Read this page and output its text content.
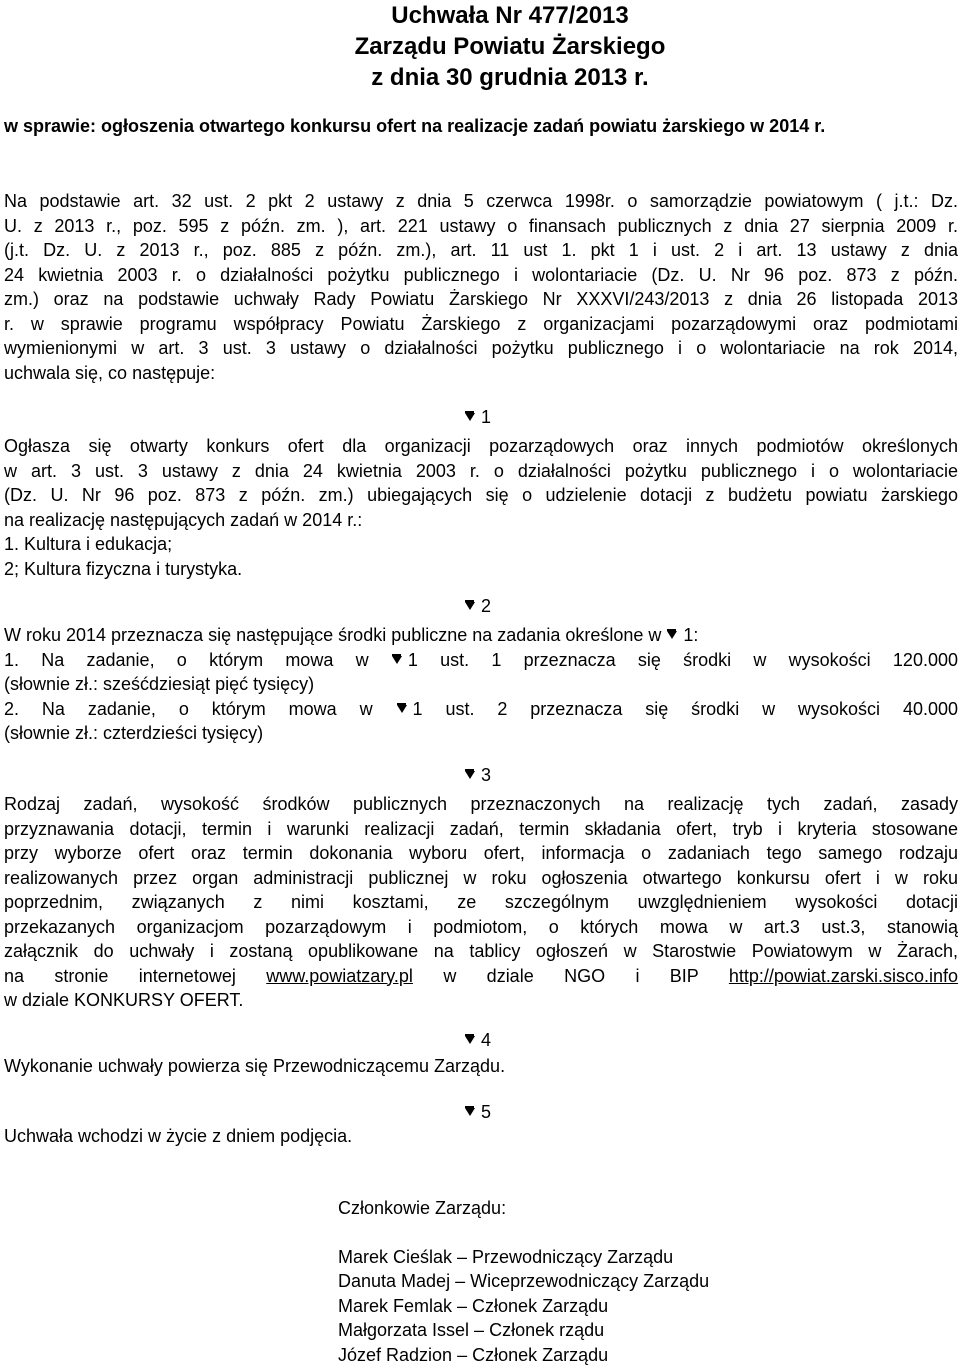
Uchwała Nr 477/2013
Zarządu Powiatu Żarskiego
z dnia 30 grudnia 2013 r.
w sprawie: ogłoszenia otwartego konkursu ofert na realizacje zadań powiatu żarskiego w 2014 r.
Na podstawie art. 32 ust. 2 pkt 2 ustawy z dnia 5 czerwca 1998r. o samorządzie powiatowym ( j.t.: Dz.
U. z 2013 r., poz. 595 z późn. zm. ), art. 221 ustawy o finansach publicznych z dnia 27 sierpnia 2009 r.
(j.t. Dz. U. z 2013 r., poz. 885 z późn. zm.), art. 11 ust 1. pkt 1 i ust. 2 i art. 13 ustawy z dnia
24 kwietnia 2003 r. o działalności pożytku publicznego i wolontariacie (Dz. U. Nr 96 poz. 873 z późn.
zm.) oraz na podstawie uchwały Rady Powiatu Żarskiego Nr XXXVI/243/2013 z dnia 26 listopada 2013
r. w sprawie programu współpracy Powiatu Żarskiego z organizacjami pozarządowymi oraz podmiotami
wymienionymi w art. 3 ust. 3 ustawy o działalności pożytku publicznego i o wolontariacie na rok 2014,
uchwala się, co następuje:
1
Ogłasza się otwarty konkurs ofert dla organizacji pozarządowych oraz innych podmiotów określonych
w art. 3 ust. 3 ustawy z dnia 24 kwietnia 2003 r. o działalności pożytku publicznego i o wolontariacie
(Dz. U. Nr 96 poz. 873 z późn. zm.) ubiegających się o udzielenie dotacji z budżetu powiatu żarskiego
na realizację następujących zadań w 2014 r.:
1. Kultura i edukacja;
2; Kultura fizyczna i turystyka.
2
W roku 2014 przeznacza się następujące środki publiczne na zadania określone w 1:
1. Na zadanie, o którym mowa w 1 ust. 1 przeznacza się środki w wysokości 120.000
(słownie zł.: sześćdziesiąt pięć tysięcy)
2. Na zadanie, o którym mowa w 1 ust. 2 przeznacza się środki w wysokości 40.000
(słownie zł.: czterdzieści tysięcy)
3
Rodzaj zadań, wysokość środków publicznych przeznaczonych na realizację tych zadań, zasady
przyznawania dotacji, termin i warunki realizacji zadań, termin składania ofert, tryb i kryteria stosowane
przy wyborze ofert oraz termin dokonania wyboru ofert, informacja o zadaniach tego samego rodzaju
realizowanych przez organ administracji publicznej w roku ogłoszenia otwartego konkursu ofert i w roku
poprzednim, związanych z nimi kosztami, ze szczególnym uwzględnieniem wysokości dotacji
przekazanych organizacjom pozarządowym i podmiotom, o których mowa w art.3 ust.3, stanowią
załącznik do uchwały i zostaną opublikowane na tablicy ogłoszeń w Starostwie Powiatowym w Żarach,
na stronie internetowej www.powiatzary.pl w dziale NGO i BIP http://powiat.zarski.sisco.info
w dziale KONKURSY OFERT.
4
Wykonanie uchwały powierza się Przewodniczącemu Zarządu.
5
Uchwała wchodzi w życie z dniem podjęcia.
Członkowie Zarządu:
Marek Cieślak – Przewodniczący Zarządu
Danuta Madej – Wiceprzewodniczący Zarządu
Marek Femlak – Członek Zarządu
Małgorzata Issel – Członek rządu
Józef Radzion – Członek Zarządu
